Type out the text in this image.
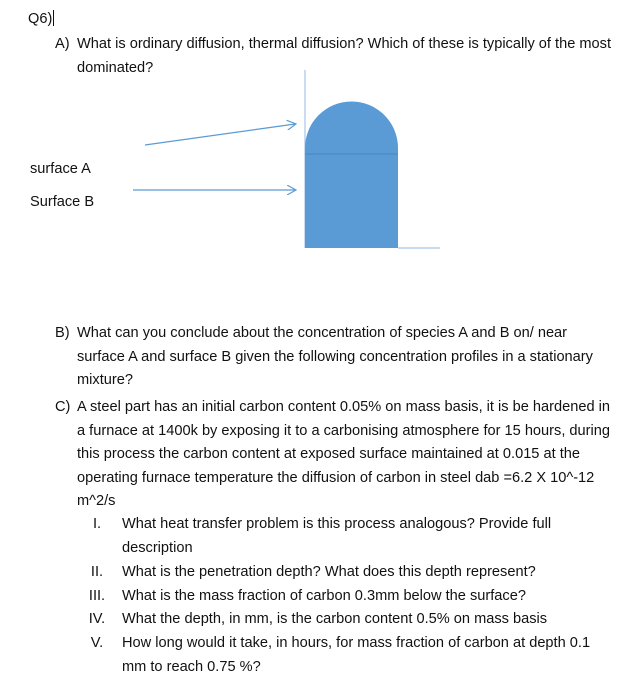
Q6)
A) What is ordinary diffusion, thermal diffusion? Which of these is typically of the most dominated?
surface A
Surface B
B) What can you conclude about the concentration of species A and B on/ near surface A and surface B given the following concentration profiles in a stationary mixture?
C) A steel part has an initial carbon content 0.05% on mass basis, it is be hardened in a furnace at 1400k by exposing it to a carbonising atmosphere for 15 hours, during this process the carbon content at exposed surface maintained at 0.015 at the operating furnace temperature the diffusion of carbon in steel dab =6.2 X 10^-12 m^2/s
I.	What heat transfer problem is this process analogous? Provide full description
II.	What is the penetration depth? What does this depth represent?
III.	What is the mass fraction of carbon 0.3mm below the surface?
IV.	What the depth, in mm, is the carbon content 0.5% on mass basis
V.	How long would it take, in hours, for mass fraction of carbon at depth 0.1 mm to reach 0.75 %?
